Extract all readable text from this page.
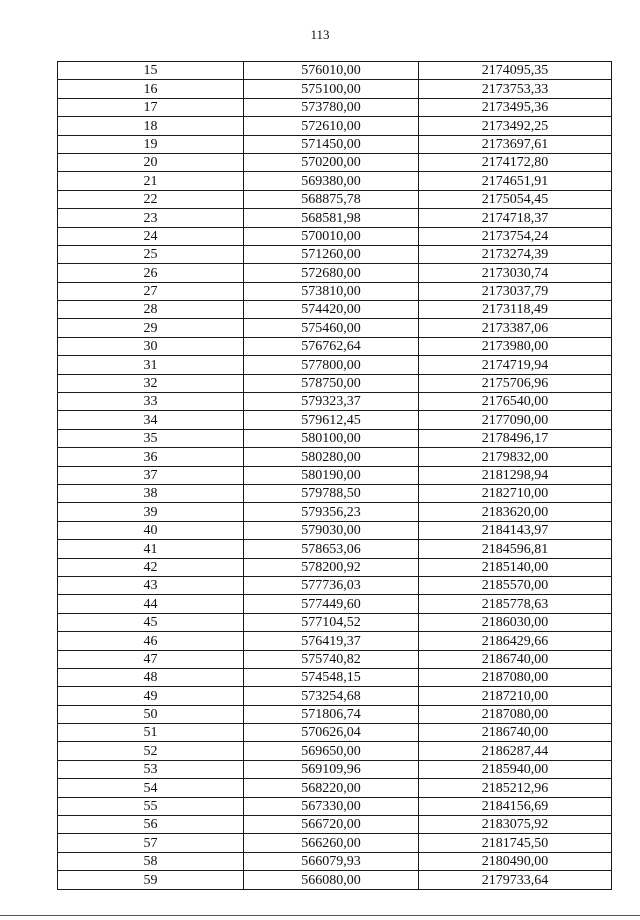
113
15	576010,00	2174095,35
16	575100,00	2173753,33
17	573780,00	2173495,36
18	572610,00	2173492,25
19	571450,00	2173697,61
20	570200,00	2174172,80
21	569380,00	2174651,91
22	568875,78	2175054,45
23	568581,98	2174718,37
24	570010,00	2173754,24
25	571260,00	2173274,39
26	572680,00	2173030,74
27	573810,00	2173037,79
28	574420,00	2173118,49
29	575460,00	2173387,06
30	576762,64	2173980,00
31	577800,00	2174719,94
32	578750,00	2175706,96
33	579323,37	2176540,00
34	579612,45	2177090,00
35	580100,00	2178496,17
36	580280,00	2179832,00
37	580190,00	2181298,94
38	579788,50	2182710,00
39	579356,23	2183620,00
40	579030,00	2184143,97
41	578653,06	2184596,81
42	578200,92	2185140,00
43	577736,03	2185570,00
44	577449,60	2185778,63
45	577104,52	2186030,00
46	576419,37	2186429,66
47	575740,82	2186740,00
48	574548,15	2187080,00
49	573254,68	2187210,00
50	571806,74	2187080,00
51	570626,04	2186740,00
52	569650,00	2186287,44
53	569109,96	2185940,00
54	568220,00	2185212,96
55	567330,00	2184156,69
56	566720,00	2183075,92
57	566260,00	2181745,50
58	566079,93	2180490,00
59	566080,00	2179733,64
